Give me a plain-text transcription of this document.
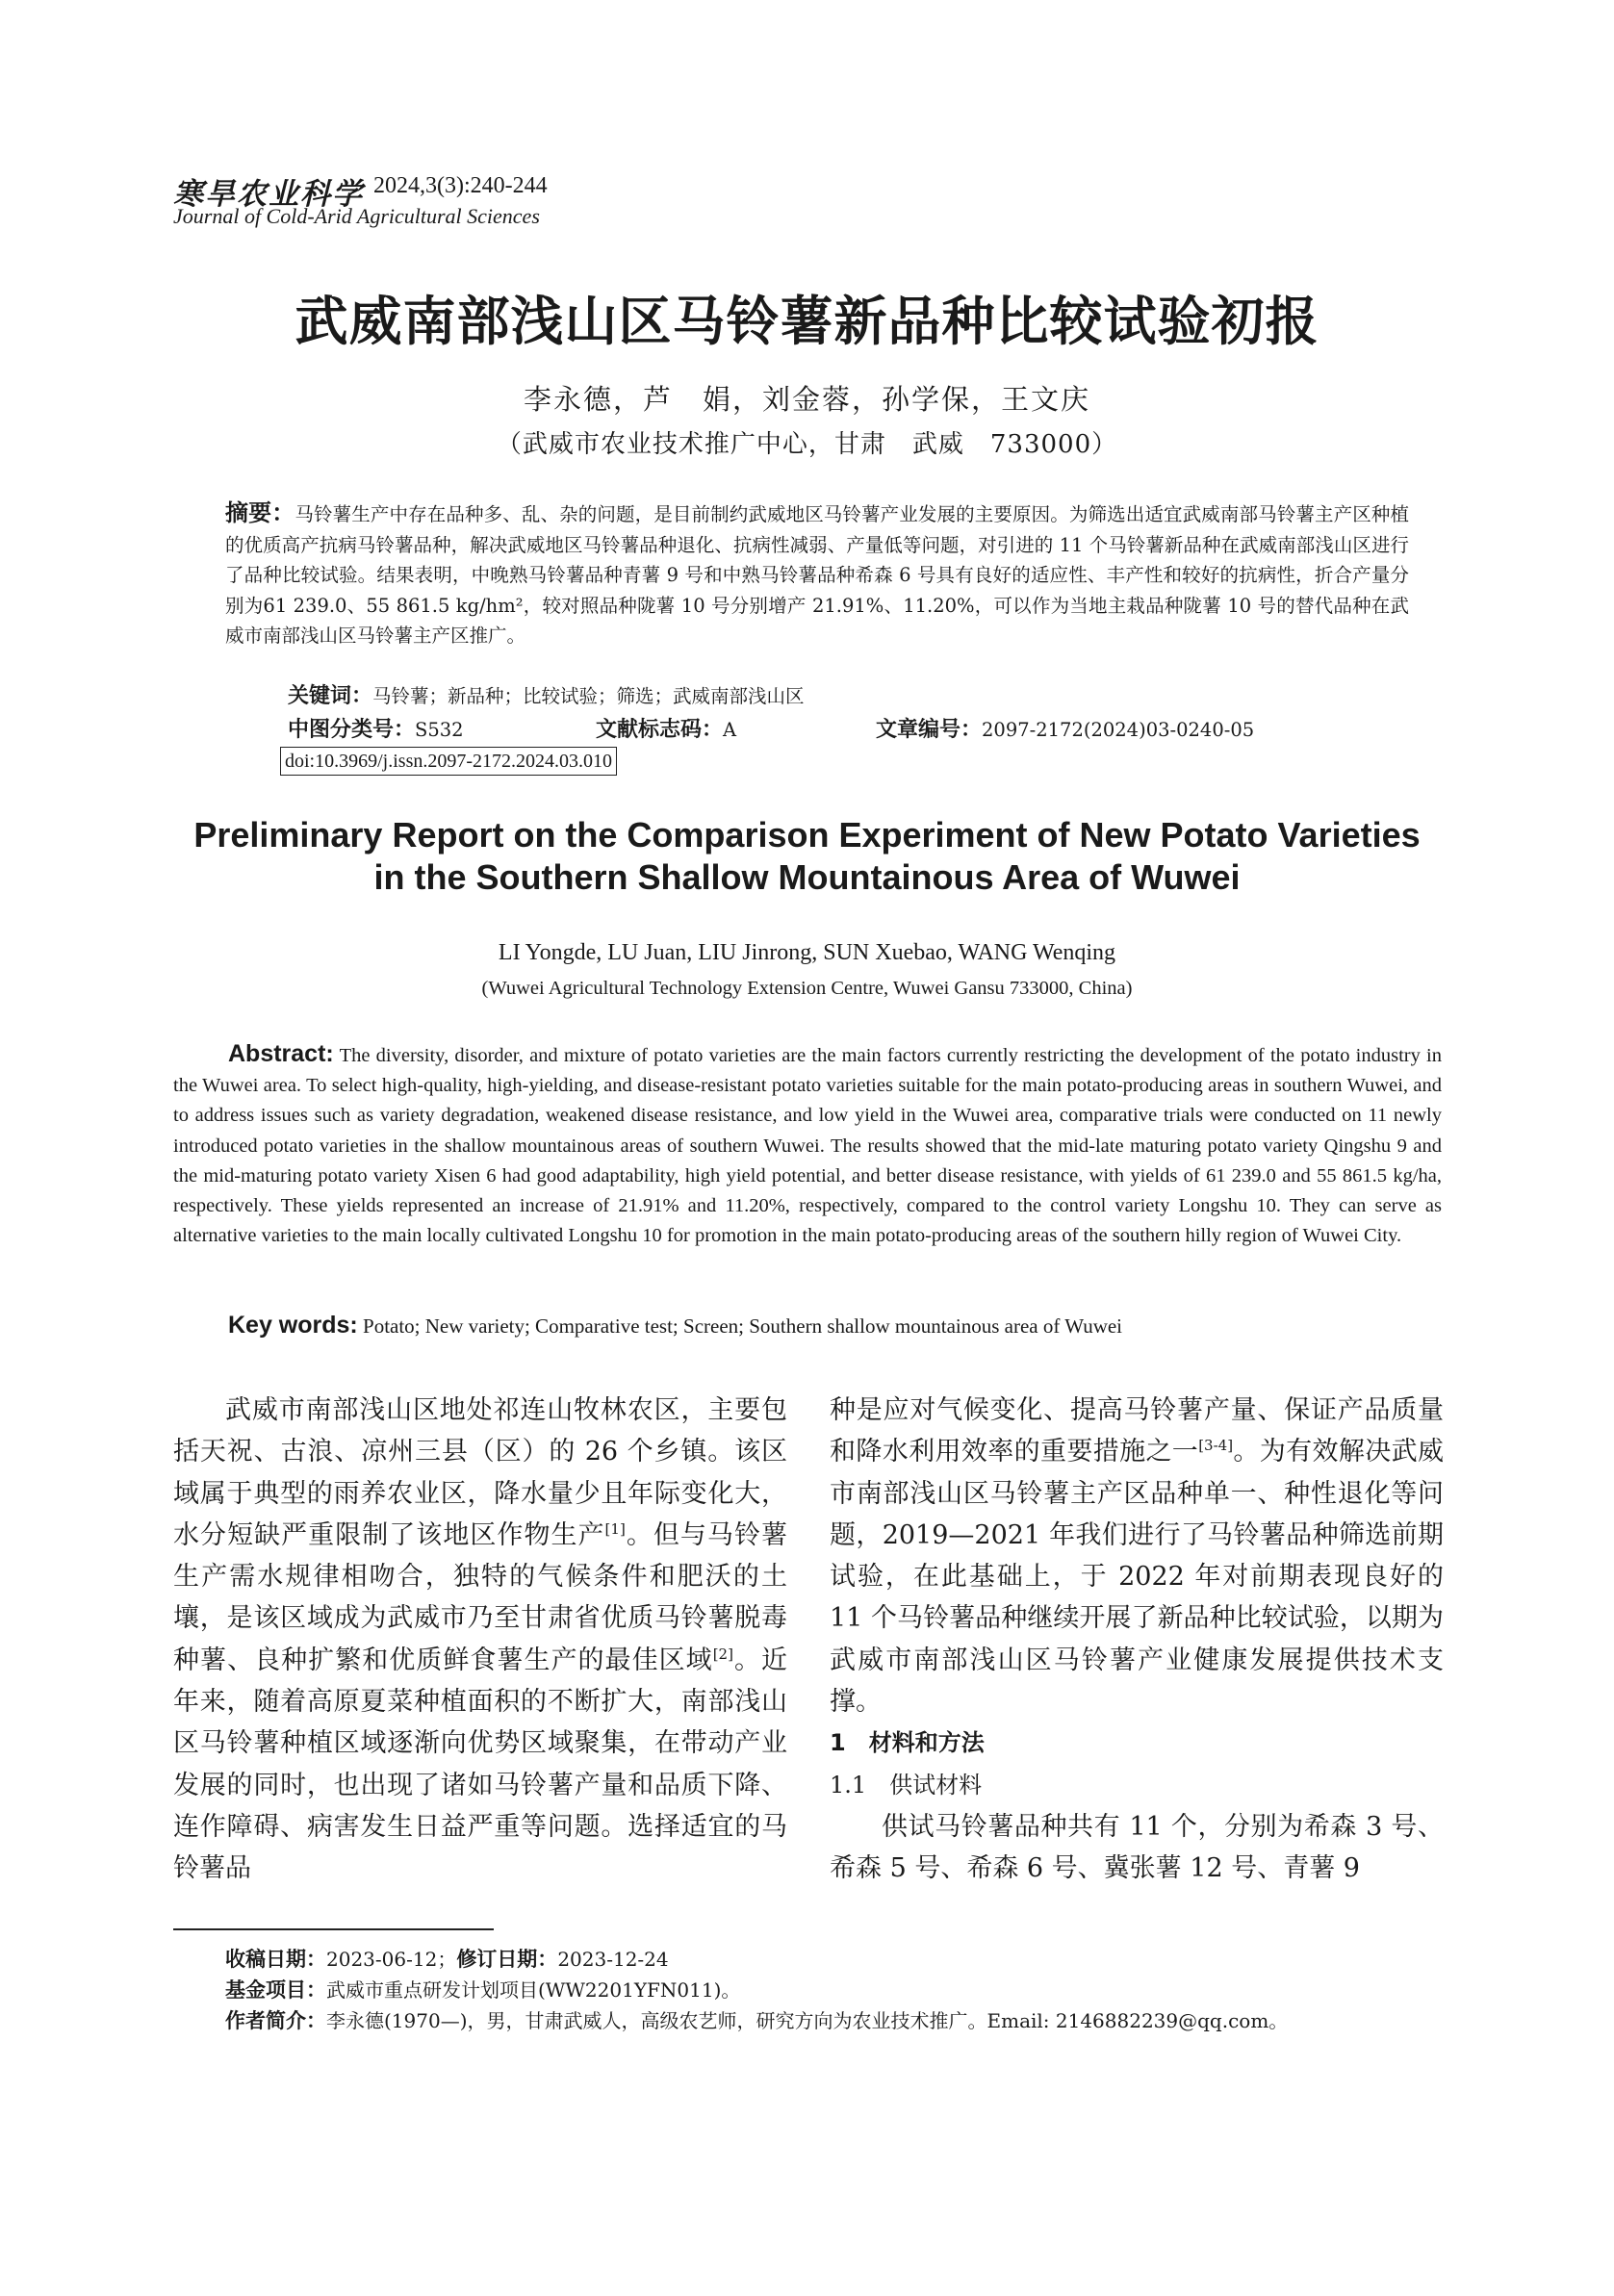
寒旱农业科学 2024,3(3):240-244
Journal of Cold-Arid Agricultural Sciences
武威南部浅山区马铃薯新品种比较试验初报
李永德，芦　娟，刘金蓉，孙学保，王文庆
（武威市农业技术推广中心，甘肃　武威　733000）
摘要：马铃薯生产中存在品种多、乱、杂的问题，是目前制约武威地区马铃薯产业发展的主要原因。为筛选出适宜武威南部马铃薯主产区种植的优质高产抗病马铃薯品种，解决武威地区马铃薯品种退化、抗病性减弱、产量低等问题，对引进的 11 个马铃薯新品种在武威南部浅山区进行了品种比较试验。结果表明，中晚熟马铃薯品种青薯 9 号和中熟马铃薯品种希森 6 号具有良好的适应性、丰产性和较好的抗病性，折合产量分别为61 239.0、55 861.5 kg/hm²，较对照品种陇薯 10 号分别增产 21.91%、11.20%，可以作为当地主栽品种陇薯 10 号的替代品种在武威市南部浅山区马铃薯主产区推广。
关键词：马铃薯；新品种；比较试验；筛选；武威南部浅山区
中图分类号：S532	文献标志码：A	文章编号：2097-2172(2024)03-0240-05
doi:10.3969/j.issn.2097-2172.2024.03.010
Preliminary Report on the Comparison Experiment of New Potato Varieties
in the Southern Shallow Mountainous Area of Wuwei
LI Yongde, LU Juan, LIU Jinrong, SUN Xuebao, WANG Wenqing
(Wuwei Agricultural Technology Extension Centre, Wuwei Gansu 733000, China)
Abstract: The diversity, disorder, and mixture of potato varieties are the main factors currently restricting the development of the potato industry in the Wuwei area. To select high-quality, high-yielding, and disease-resistant potato varieties suitable for the main potato-producing areas in southern Wuwei, and to address issues such as variety degradation, weakened disease resistance, and low yield in the Wuwei area, comparative trials were conducted on 11 newly introduced potato varieties in the shallow mountainous areas of southern Wuwei. The results showed that the mid-late maturing potato variety Qingshu 9 and the mid-maturing potato variety Xisen 6 had good adaptability, high yield potential, and better disease resistance, with yields of 61 239.0 and 55 861.5 kg/ha, respectively. These yields represented an increase of 21.91% and 11.20%, respectively, compared to the control variety Longshu 10. They can serve as alternative varieties to the main locally cultivated Longshu 10 for promotion in the main potato-producing areas of the southern hilly region of Wuwei City.
Key words: Potato; New variety; Comparative test; Screen; Southern shallow mountainous area of Wuwei

武威市南部浅山区地处祁连山牧林农区，主要包括天祝、古浪、凉州三县（区）的 26 个乡镇。该区域属于典型的雨养农业区，降水量少且年际变化大，水分短缺严重限制了该地区作物生产[1]。但与马铃薯生产需水规律相吻合，独特的气候条件和肥沃的土壤，是该区域成为武威市乃至甘肃省优质马铃薯脱毒种薯、良种扩繁和优质鲜食薯生产的最佳区域[2]。近年来，随着高原夏菜种植面积的不断扩大，南部浅山区马铃薯种植区域逐渐向优势区域聚集，在带动产业发展的同时，也出现了诸如马铃薯产量和品质下降、连作障碍、病害发生日益严重等问题。选择适宜的马铃薯品

种是应对气候变化、提高马铃薯产量、保证产品质量和降水利用效率的重要措施之一[3-4]。为有效解决武威市南部浅山区马铃薯主产区品种单一、种性退化等问题，2019—2021 年我们进行了马铃薯品种筛选前期试验，在此基础上，于 2022 年对前期表现良好的 11 个马铃薯品种继续开展了新品种比较试验，以期为武威市南部浅山区马铃薯产业健康发展提供技术支撑。

1　材料和方法

1.1　供试材料

供试马铃薯品种共有 11 个，分别为希森 3 号、希森 5 号、希森 6 号、冀张薯 12 号、青薯 9

收稿日期：2023-06-12；修订日期：2023-12-24
基金项目：武威市重点研发计划项目(WW2201YFN011)。
作者简介：李永德(1970—)，男，甘肃武威人，高级农艺师，研究方向为农业技术推广。Email: 2146882239@qq.com。
